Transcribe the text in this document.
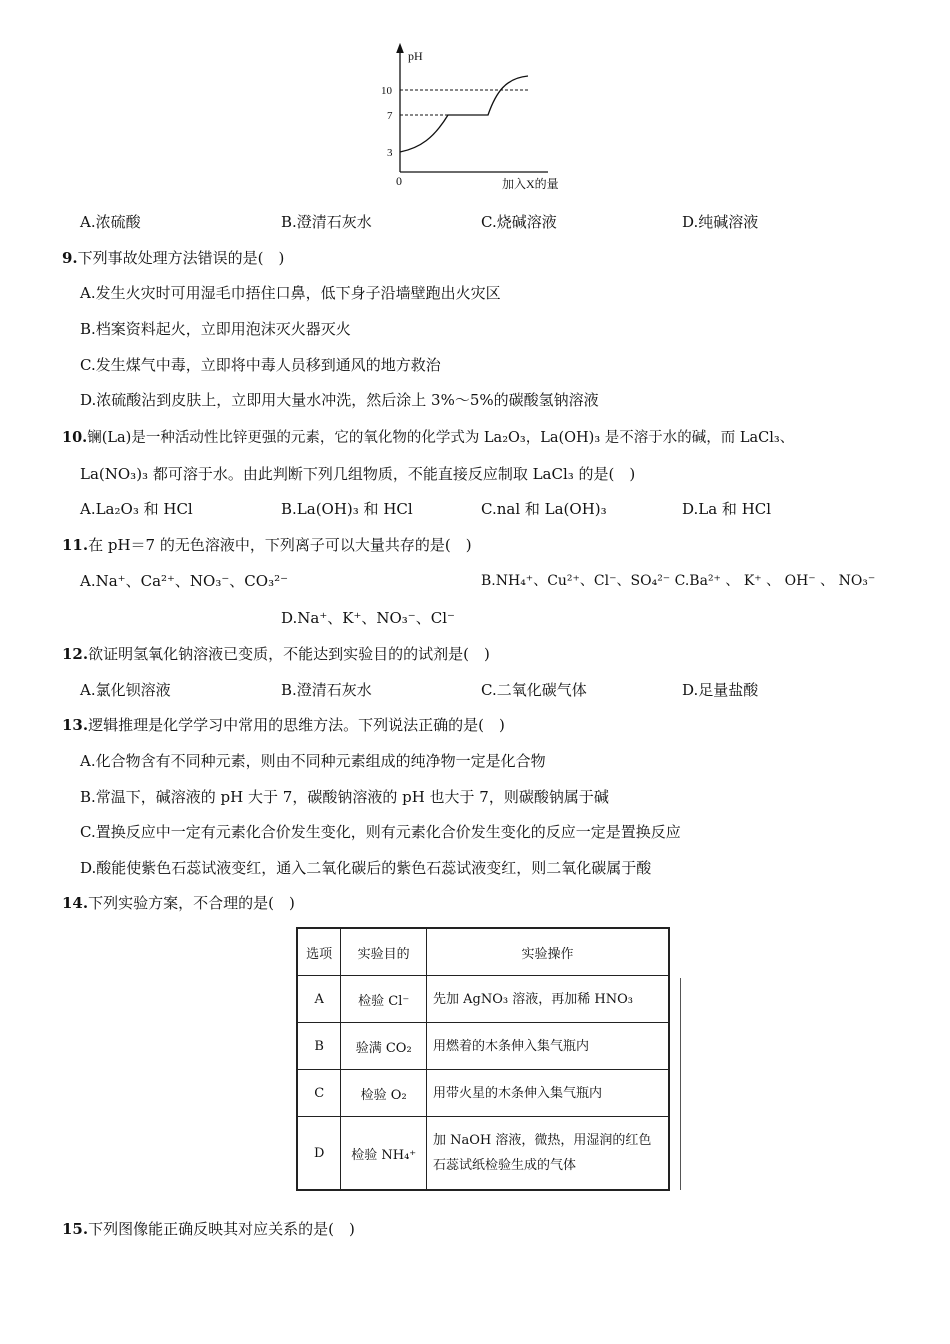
pH
加入X的量
0
10
7
3
A.浓硫酸	B.澄清石灰水	C.烧碱溶液	D.纯碱溶液
9.下列事故处理方法错误的是(　)
A.发生火灾时可用湿毛巾捂住口鼻，低下身子沿墙壁跑出火灾区
B.档案资料起火，立即用泡沫灭火器灭火
C.发生煤气中毒，立即将中毒人员移到通风的地方救治
D.浓硫酸沾到皮肤上，立即用大量水冲洗，然后涂上 3%～5%的碳酸氢钠溶液
10.镧(La)是一种活动性比锌更强的元素，它的氧化物的化学式为 La₂O₃，La(OH)₃ 是不溶于水的碱，而 LaCl₃、
La(NO₃)₃ 都可溶于水。由此判断下列几组物质，不能直接反应制取 LaCl₃ 的是(　)
A.La₂O₃ 和 HCl	B.La(OH)₃ 和 HCl	C.nal 和 La(OH)₃	D.La 和 HCl
11.在 pH＝7 的无色溶液中，下列离子可以大量共存的是(　)
A.Na⁺、Ca²⁺、NO₃⁻、CO₃²⁻	B.NH₄⁺、Cu²⁺、Cl⁻、SO₄²⁻ C.Ba²⁺ 、 K⁺ 、 OH⁻ 、 NO₃⁻
D.Na⁺、K⁺、NO₃⁻、Cl⁻
12.欲证明氢氧化钠溶液已变质，不能达到实验目的的试剂是(　)
A.氯化钡溶液	B.澄清石灰水	C.二氧化碳气体	D.足量盐酸
13.逻辑推理是化学学习中常用的思维方法。下列说法正确的是(　)
A.化合物含有不同种元素，则由不同种元素组成的纯净物一定是化合物
B.常温下，碱溶液的 pH 大于 7，碳酸钠溶液的 pH 也大于 7，则碳酸钠属于碱
C.置换反应中一定有元素化合价发生变化，则有元素化合价发生变化的反应一定是置换反应
D.酸能使紫色石蕊试液变红，通入二氧化碳后的紫色石蕊试液变红，则二氧化碳属于酸
14.下列实验方案，不合理的是(　)
选项	实验目的	实验操作
A	检验 Cl⁻	先加 AgNO₃ 溶液，再加稀 HNO₃
B	验满 CO₂	用燃着的木条伸入集气瓶内
C	检验 O₂	用带火星的木条伸入集气瓶内
D	检验 NH₄⁺	加 NaOH 溶液，微热，用湿润的红色石蕊试纸检验生成的气体
15.下列图像能正确反映其对应关系的是(　)
